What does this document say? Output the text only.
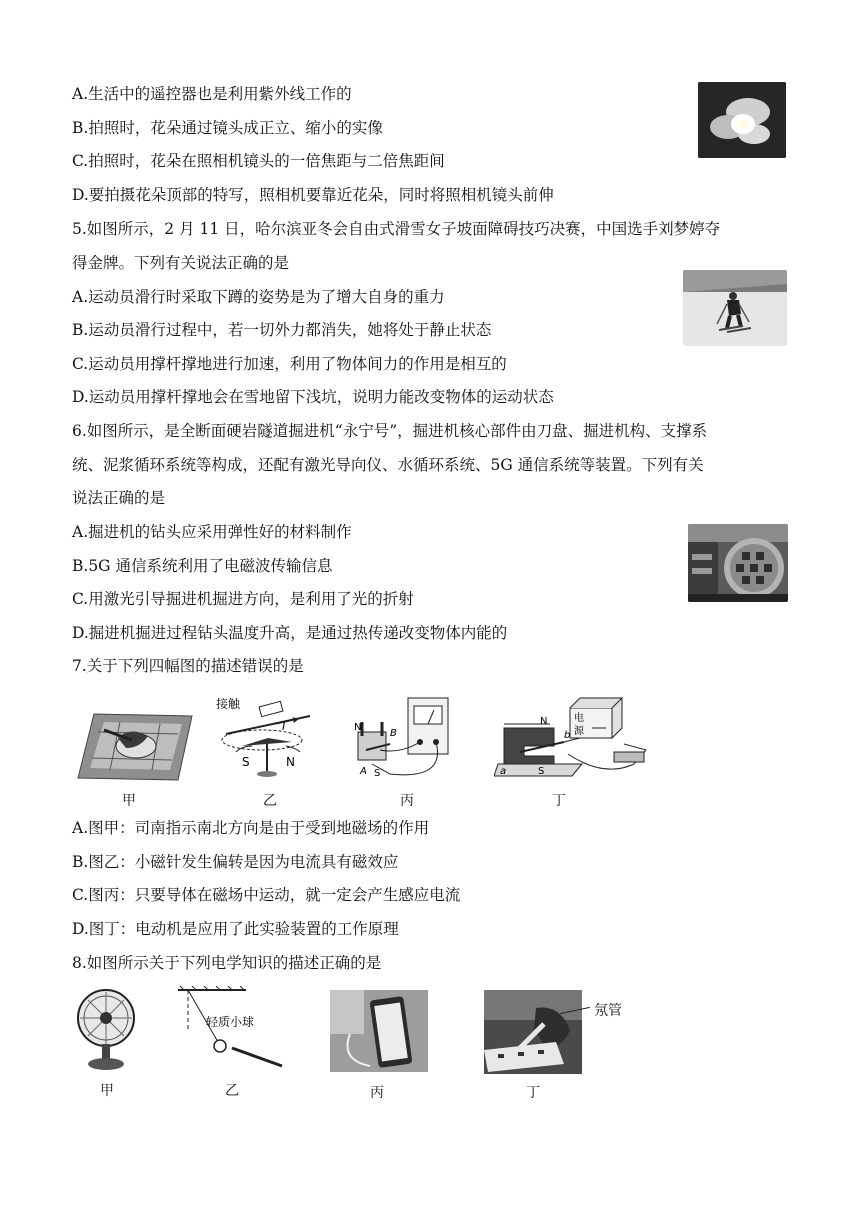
A.生活中的遥控器也是利用紫外线工作的
B.拍照时，花朵通过镜头成正立、缩小的实像
C.拍照时，花朵在照相机镜头的一倍焦距与二倍焦距间
D.要拍摄花朵顶部的特写，照相机要靠近花朵，同时将照相机镜头前伸
5.如图所示，2 月 11 日，哈尔滨亚冬会自由式滑雪女子坡面障碍技巧决赛，中国选手刘梦婷夺
得金牌。下列有关说法正确的是
A.运动员滑行时采取下蹲的姿势是为了增大自身的重力
B.运动员滑行过程中，若一切外力都消失，她将处于静止状态
C.运动员用撑杆撑地进行加速，利用了物体间力的作用是相互的
D.运动员用撑杆撑地会在雪地留下浅坑，说明力能改变物体的运动状态
6.如图所示，是全断面硬岩隧道掘进机“永宁号”，掘进机核心部件由刀盘、掘进机构、支撑系
统、泥浆循环系统等构成，还配有激光导向仪、水循环系统、5G 通信系统等装置。下列有关
说法正确的是
A.掘进机的钻头应采用弹性好的材料制作
B.5G 通信系统利用了电磁波传输信息
C.用激光引导掘进机掘进方向，是利用了光的折射
D.掘进机掘进过程钻头温度升高，是通过热传递改变物体内能的
7.关于下列四幅图的描述错误的是
甲
接触
I
S	N
乙
N
B
A S
丙
N
b
a	S
电
源
丁
A.图甲：司南指示南北方向是由于受到地磁场的作用
B.图乙：小磁针发生偏转是因为电流具有磁效应
C.图丙：只要导体在磁场中运动，就一定会产生感应电流
D.图丁：电动机是应用了此实验装置的工作原理
8.如图所示关于下列电学知识的描述正确的是
甲
轻质小球
乙	丙	丁
氖管
